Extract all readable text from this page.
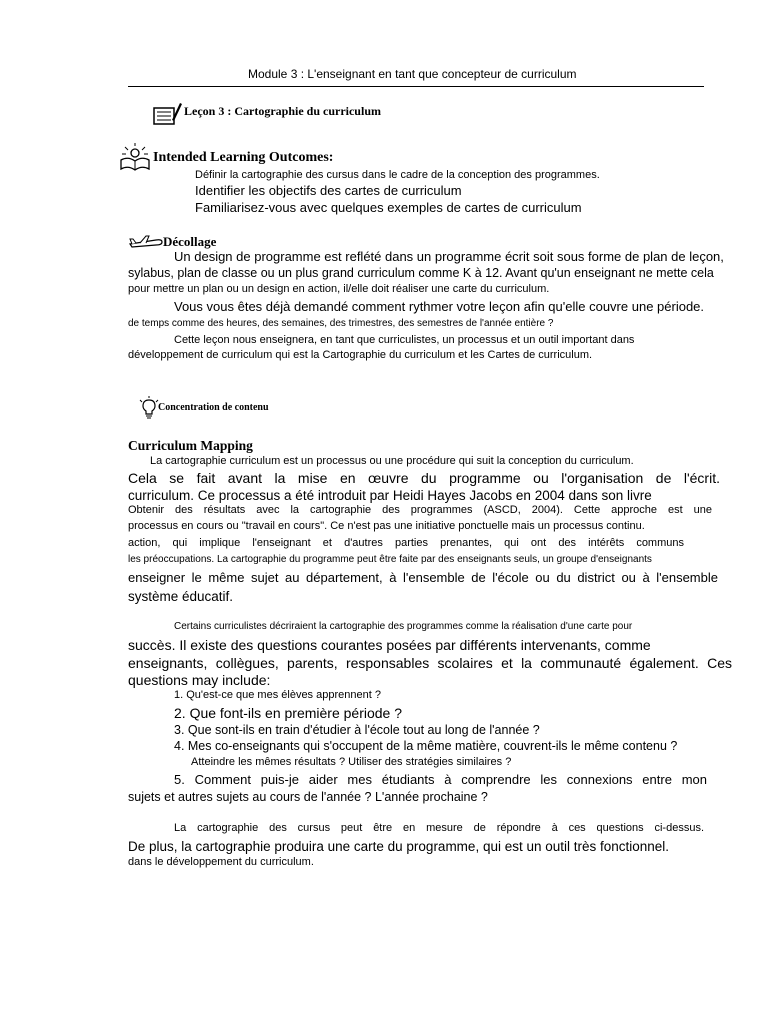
Module 3 : L'enseignant en tant que concepteur de curriculum
Leçon 3 : Cartographie du curriculum
Intended Learning Outcomes:
Définir la cartographie des cursus dans le cadre de la conception des programmes.
Identifier les objectifs des cartes de curriculum
Familiarisez-vous avec quelques exemples de cartes de curriculum
Décollage
Un design de programme est reflété dans un programme écrit soit sous forme de plan de leçon,
sylabus, plan de classe ou un plus grand curriculum comme K à 12. Avant qu'un enseignant ne mette cela
pour mettre un plan ou un design en action, il/elle doit réaliser une carte du curriculum.
Vous vous êtes déjà demandé comment rythmer votre leçon afin qu'elle couvre une période.
de temps comme des heures, des semaines, des trimestres, des semestres de l'année entière ?
Cette leçon nous enseignera, en tant que curriculistes, un processus et un outil important dans
développement de curriculum qui est la Cartographie du curriculum et les Cartes de curriculum.
Concentration de contenu
Curriculum Mapping
La cartographie curriculum est un processus ou une procédure qui suit la conception du curriculum.
Cela se fait avant la mise en œuvre du programme ou l'organisation de l'écrit.
curriculum. Ce processus a été introduit par Heidi Hayes Jacobs en 2004 dans son livre
Obtenir des résultats avec la cartographie des programmes (ASCD, 2004). Cette approche est une
processus en cours ou "travail en cours". Ce n'est pas une initiative ponctuelle mais un processus continu.
action, qui implique l'enseignant et d'autres parties prenantes, qui ont des intérêts communs
les préoccupations. La cartographie du programme peut être faite par des enseignants seuls, un groupe d'enseignants
enseigner le même sujet au département, à l'ensemble de l'école ou du district ou à l'ensemble
système éducatif.
Certains curriculistes décriraient la cartographie des programmes comme la réalisation d'une carte pour
succès. Il existe des questions courantes posées par différents intervenants, comme
enseignants, collègues, parents, responsables scolaires et la communauté également. Ces
questions may include:
1. Qu'est-ce que mes élèves apprennent ?
2. Que font-ils en première période ?
3. Que sont-ils en train d'étudier à l'école tout au long de l'année ?
4. Mes co-enseignants qui s'occupent de la même matière, couvrent-ils le même contenu ?
Atteindre les mêmes résultats ? Utiliser des stratégies similaires ?
5. Comment puis-je aider mes étudiants à comprendre les connexions entre mon
sujets et autres sujets au cours de l'année ? L'année prochaine ?
La cartographie des cursus peut être en mesure de répondre à ces questions ci-dessus.
De plus, la cartographie produira une carte du programme, qui est un outil très fonctionnel.
dans le développement du curriculum.
